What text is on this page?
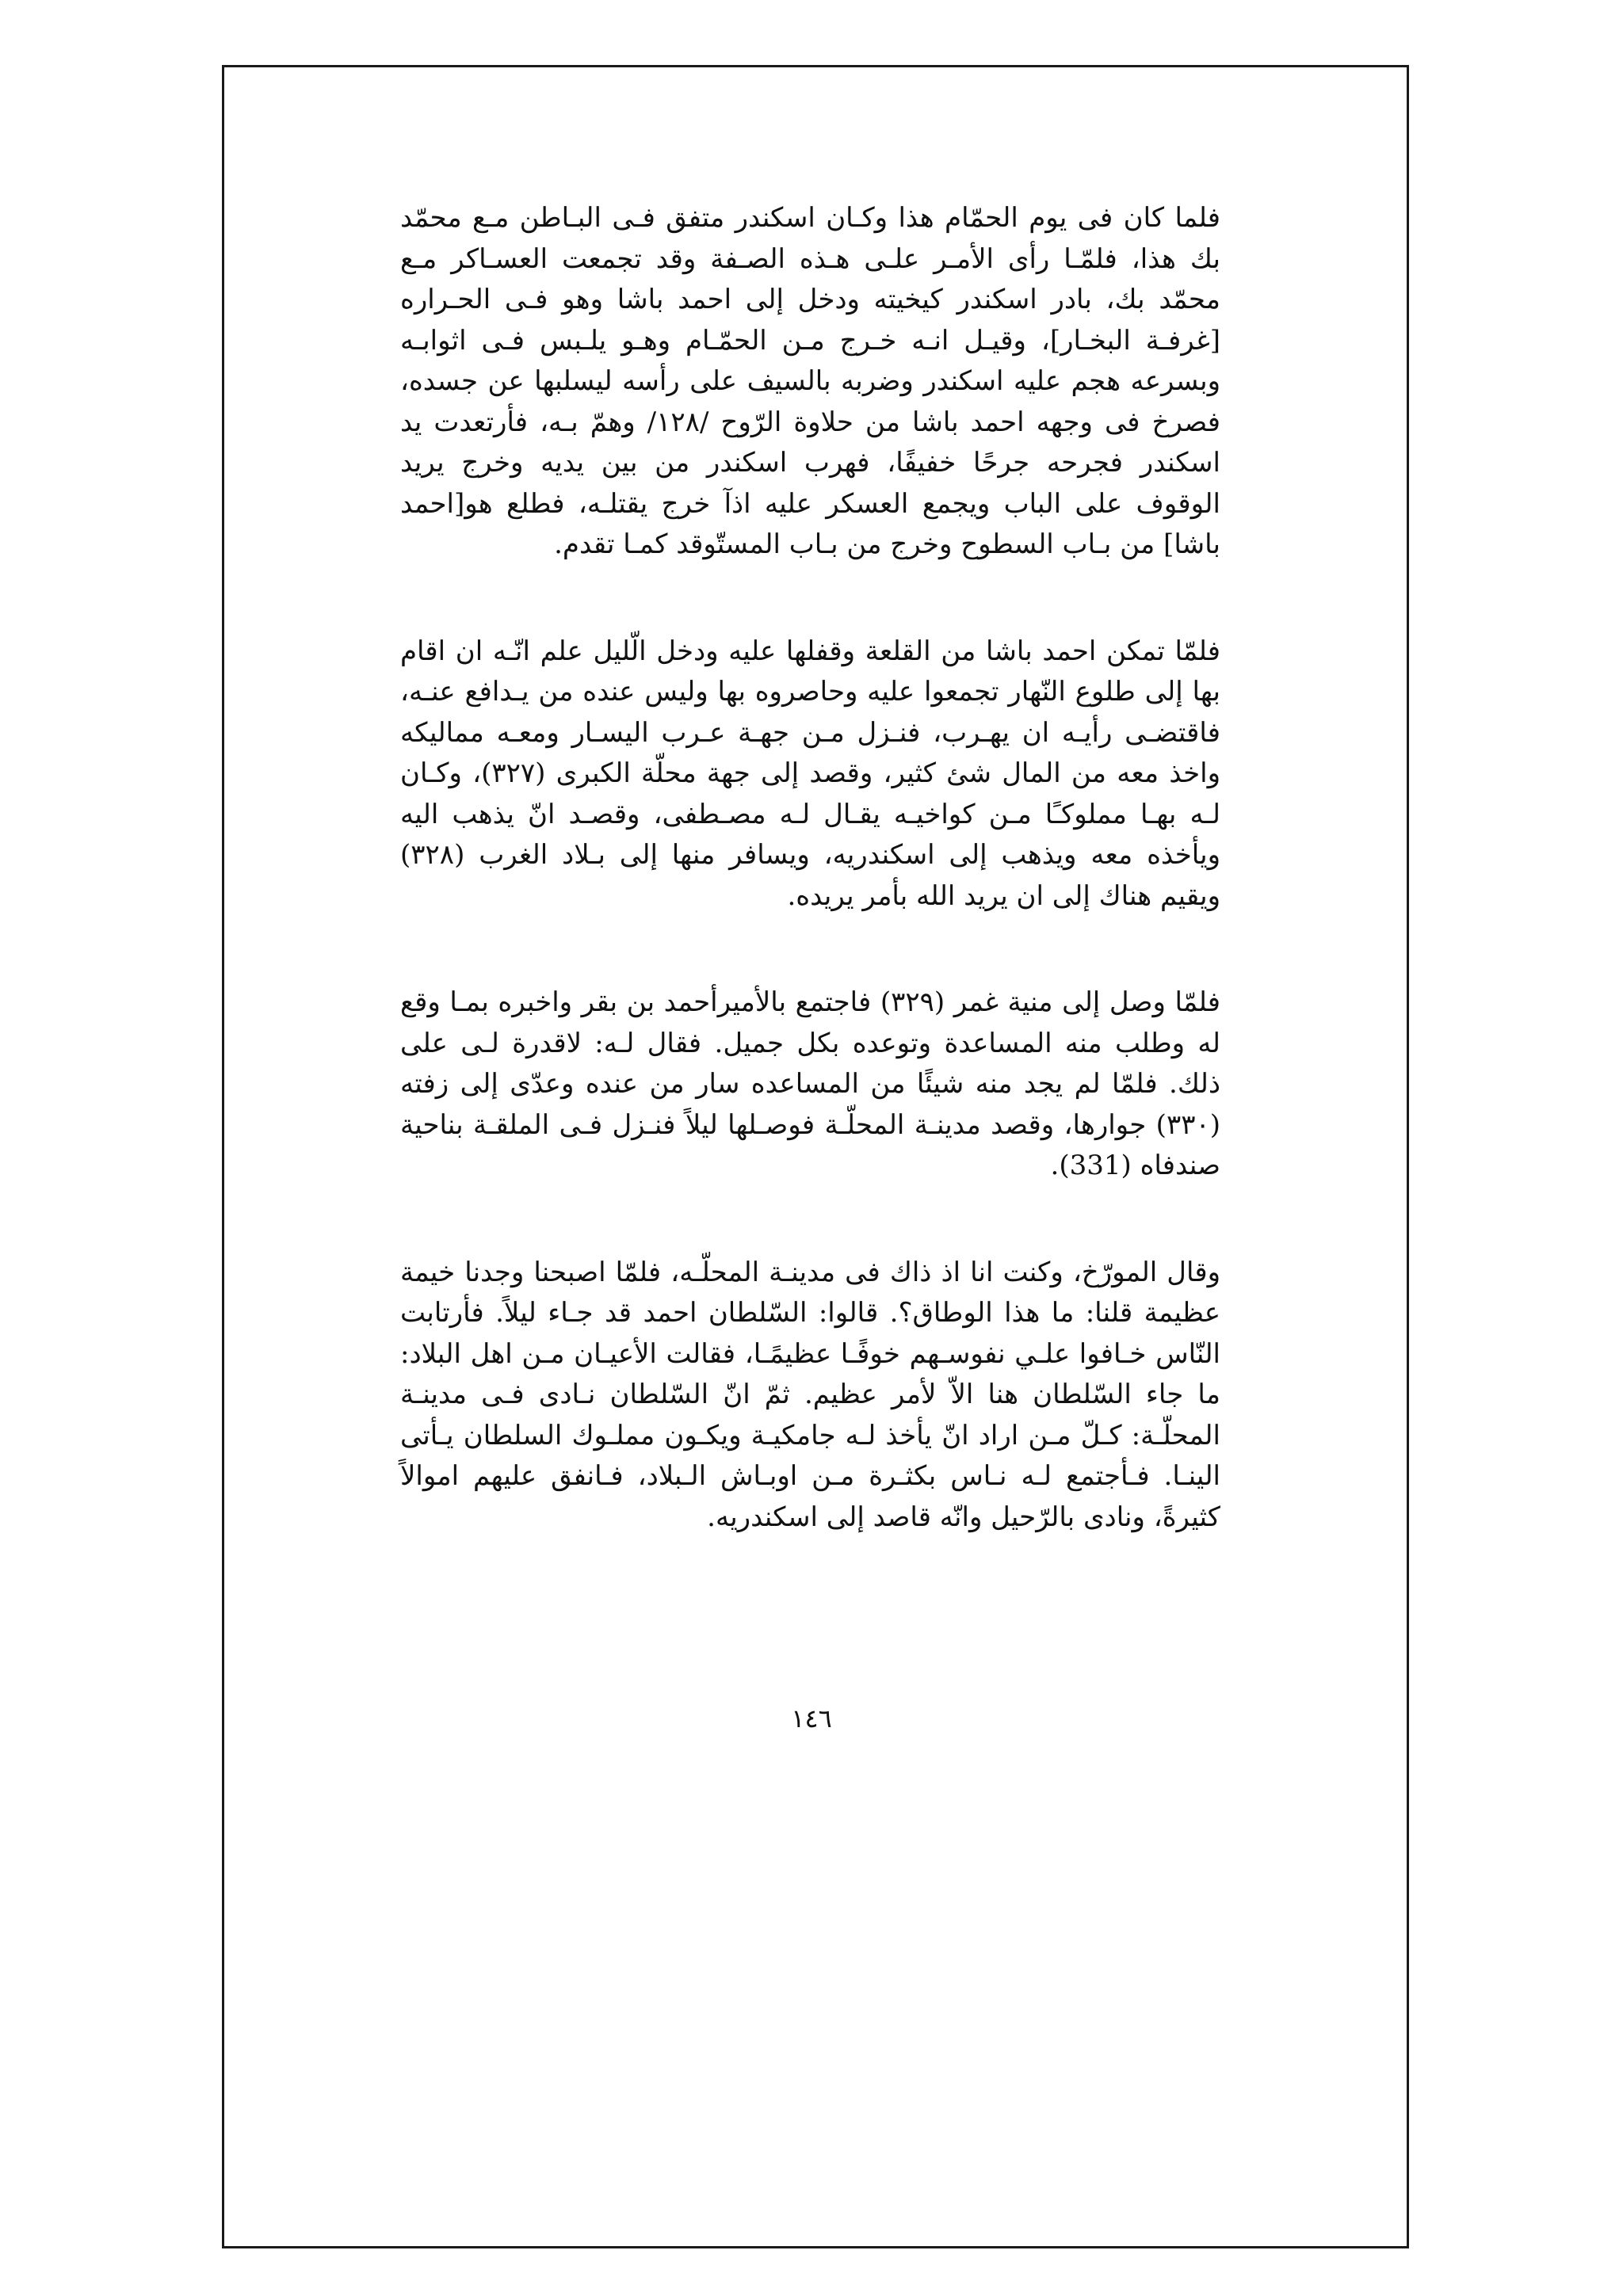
فلما كان فى يوم الحمّام هذا وكـان اسكندر متفق فـى البـاطن مـع محمّد بك هذا، فلمّـا رأى الأمـر علـى هـذه الصـفة وقد تجمعت العسـاكر مـع محمّد بك، بادر اسكندر كيخيته ودخل إلى احمد باشا وهو فـى الحـراره [غرفـة البخـار]، وقيـل انـه خـرج مـن الحمّـام وهـو يلـبس فـى اثوابـه وبسرعه هجم عليه اسكندر وضربه بالسيف على رأسه ليسلبها عن جسده، فصرخ فى وجهه احمد باشا من حلاوة الرّوح /١٢٨/ وهمّ بـه، فأرتعدت يد اسكندر فجرحه جرحًا خفيفًا، فهرب اسكندر من بين يديه وخرج يريد الوقوف على الباب ويجمع العسكر عليه اذآ خرج يقتلـه، فطلع هو[احمد باشا] من بـاب السطوح وخرج من بـاب المستّوقد كمـا تقدم.

فلمّا تمكن احمد باشا من القلعة وقفلها عليه ودخل الّليل علم انّـه ان اقام بها إلى طلوع النّهار تجمعوا عليه وحاصروه بها وليس عنده من يـدافع عنـه، فاقتضـى رأيـه ان يهـرب، فنـزل مـن جهـة عـرب اليسـار ومعـه مماليكه واخذ معه من المال شئ كثير، وقصد إلى جهة محلّة الكبرى (٣٢٧)، وكـان لـه بهـا مملوكـًا مـن كواخيـه يقـال لـه مصـطفى، وقصـد انّ يذهب اليه ويأخذه معه ويذهب إلى اسكندريه، ويسافر منها إلى بـلاد الغرب (٣٢٨) ويقيم هناك إلى ان يريد الله بأمر يريده.

فلمّا وصل إلى منية غمر (٣٢٩) فاجتمع بالأميرأحمد بن بقر واخبره بمـا وقع له وطلب منه المساعدة وتوعده بكل جميل. فقال لـه: لاقدرة لـى على ذلك. فلمّا لم يجد منه شيئًا من المساعده سار من عنده وعدّى إلى زفته (٣٣٠) جوارها، وقصد مدينـة المحلّـة فوصـلها ليلاً فنـزل فـى الملقـة بناحية صندفاه (331).

وقال المورّخ، وكنت انا اذ ذاك فى مدينـة المحلّـه، فلمّا اصبحنا وجدنا خيمة عظيمة قلنا: ما هذا الوطاق؟. قالوا: السّلطان احمد قد جـاء ليلاً. فأرتابت النّاس خـافوا علـي نفوسـهم خوفًـا عظيمًـا، فقالت الأعيـان مـن اهل البلاد: ما جاء السّلطان هنا الاّ لأمر عظيم. ثمّ انّ السّلطان نـادى فـى مدينـة المحلّـة: كـلّ مـن اراد انّ يأخذ لـه جامكيـة ويكـون مملـوك السلطان يـأتى الينـا. فـأجتمع لـه نـاس بكثـرة مـن اوبـاش الـبلاد، فـانفق عليهم اموالاً كثيرةً، ونادى بالرّحيل وانّه قاصد إلى اسكندريه.

١٤٦
